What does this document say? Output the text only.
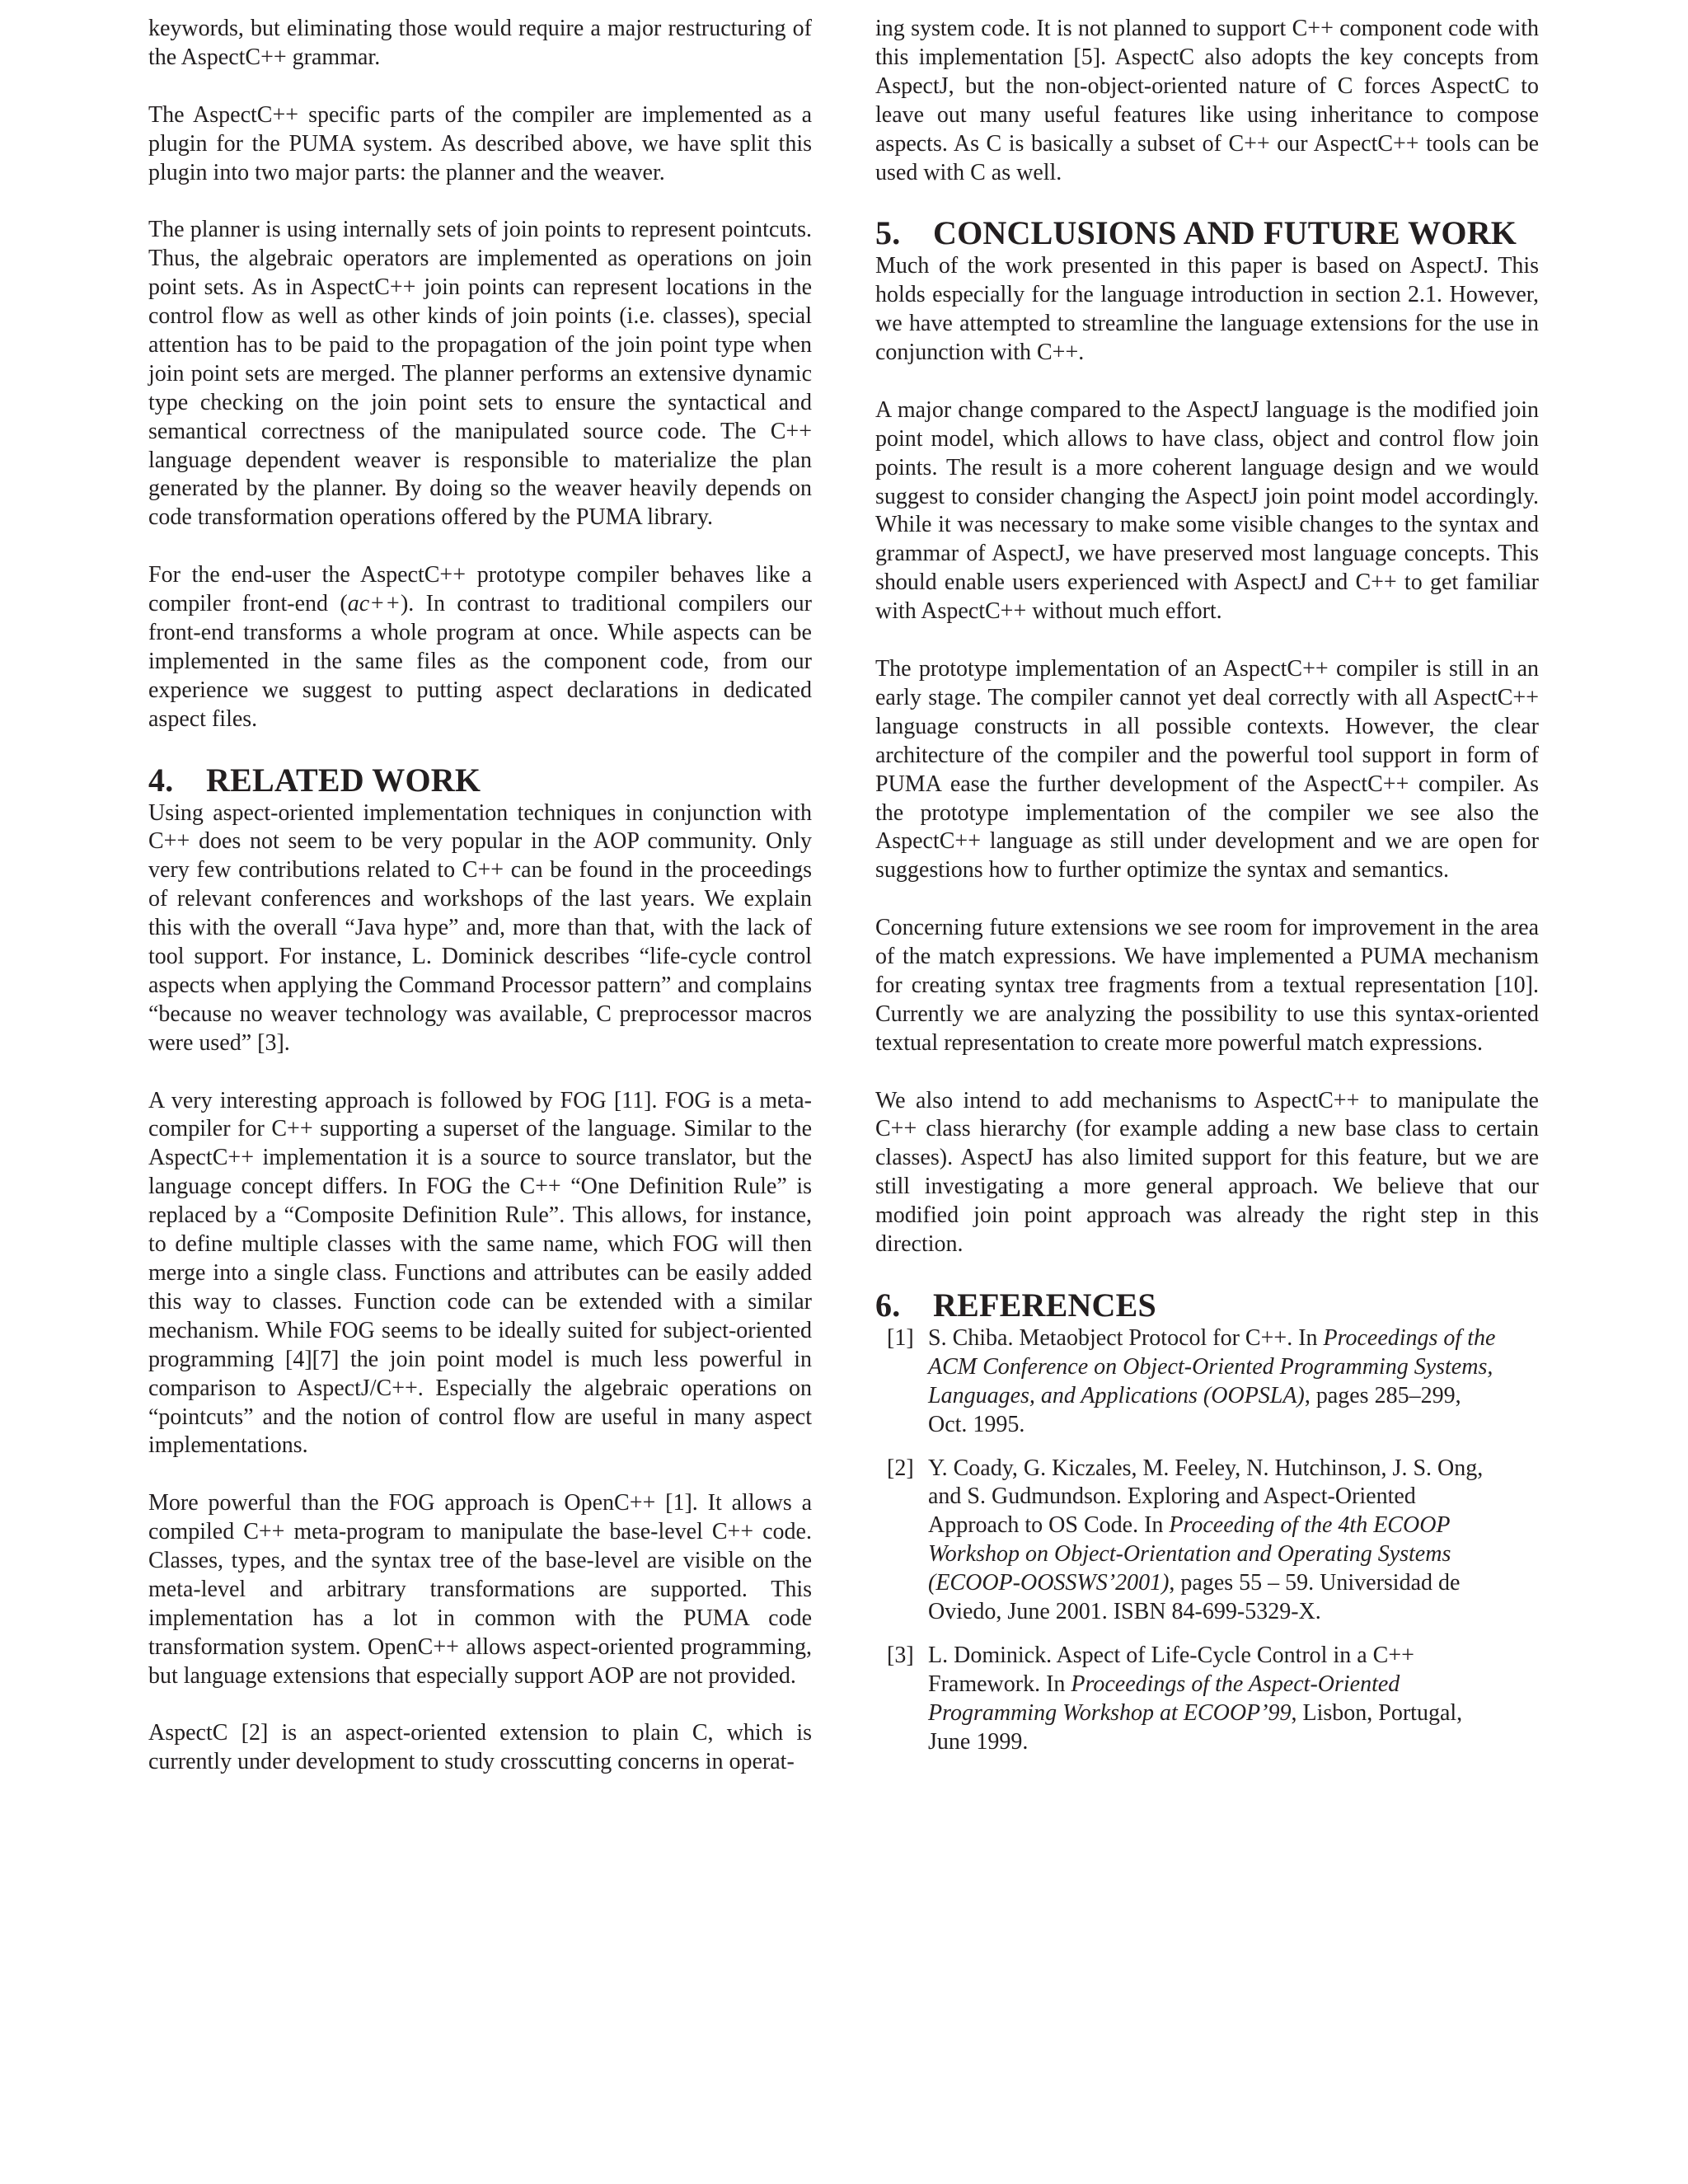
keywords, but eliminating those would require a major restructuring of the AspectC++ grammar.

The AspectC++ specific parts of the compiler are implemented as a plugin for the PUMA system. As described above, we have split this plugin into two major parts: the planner and the weaver.

The planner is using internally sets of join points to represent pointcuts. Thus, the algebraic operators are implemented as operations on join point sets. As in AspectC++ join points can represent locations in the control flow as well as other kinds of join points (i.e. classes), special attention has to be paid to the propagation of the join point type when join point sets are merged. The planner performs an extensive dynamic type checking on the join point sets to ensure the syntactical and semantical correctness of the manipulated source code. The C++ language dependent weaver is responsible to materialize the plan generated by the planner. By doing so the weaver heavily depends on code transformation operations offered by the PUMA library.

For the end-user the AspectC++ prototype compiler behaves like a compiler front-end (ac++). In contrast to traditional compilers our front-end transforms a whole program at once. While aspects can be implemented in the same files as the component code, from our experience we suggest to putting aspect declarations in dedicated aspect files.

4. RELATED WORK

Using aspect-oriented implementation techniques in conjunction with C++ does not seem to be very popular in the AOP community. Only very few contributions related to C++ can be found in the proceedings of relevant conferences and workshops of the last years. We explain this with the overall “Java hype” and, more than that, with the lack of tool support. For instance, L. Dominick describes “life-cycle control aspects when applying the Command Processor pattern” and complains “because no weaver technology was available, C preprocessor macros were used” [3].

A very interesting approach is followed by FOG [11]. FOG is a meta-compiler for C++ supporting a superset of the language. Similar to the AspectC++ implementation it is a source to source translator, but the language concept differs. In FOG the C++ “One Definition Rule” is replaced by a “Composite Definition Rule”. This allows, for instance, to define multiple classes with the same name, which FOG will then merge into a single class. Functions and attributes can be easily added this way to classes. Function code can be extended with a similar mechanism. While FOG seems to be ideally suited for subject-oriented programming [4][7] the join point model is much less powerful in comparison to AspectJ/C++. Especially the algebraic operations on “pointcuts” and the notion of control flow are useful in many aspect implementations.

More powerful than the FOG approach is OpenC++ [1]. It allows a compiled C++ meta-program to manipulate the base-level C++ code. Classes, types, and the syntax tree of the base-level are visible on the meta-level and arbitrary transformations are supported. This implementation has a lot in common with the PUMA code transformation system. OpenC++ allows aspect-oriented programming, but language extensions that especially support AOP are not provided.

AspectC [2] is an aspect-oriented extension to plain C, which is currently under development to study crosscutting concerns in operat-

ing system code. It is not planned to support C++ component code with this implementation [5]. AspectC also adopts the key concepts from AspectJ, but the non-object-oriented nature of C forces AspectC to leave out many useful features like using inheritance to compose aspects. As C is basically a subset of C++ our AspectC++ tools can be used with C as well.

5. CONCLUSIONS AND FUTURE WORK

Much of the work presented in this paper is based on AspectJ. This holds especially for the language introduction in section 2.1. However, we have attempted to streamline the language extensions for the use in conjunction with C++.

A major change compared to the AspectJ language is the modified join point model, which allows to have class, object and control flow join points. The result is a more coherent language design and we would suggest to consider changing the AspectJ join point model accordingly. While it was necessary to make some visible changes to the syntax and grammar of AspectJ, we have preserved most language concepts. This should enable users experienced with AspectJ and C++ to get familiar with AspectC++ without much effort.

The prototype implementation of an AspectC++ compiler is still in an early stage. The compiler cannot yet deal correctly with all AspectC++ language constructs in all possible contexts. However, the clear architecture of the compiler and the powerful tool support in form of PUMA ease the further development of the AspectC++ compiler. As the prototype implementation of the compiler we see also the AspectC++ language as still under development and we are open for suggestions how to further optimize the syntax and semantics.

Concerning future extensions we see room for improvement in the area of the match expressions. We have implemented a PUMA mechanism for creating syntax tree fragments from a textual representation [10]. Currently we are analyzing the possibility to use this syntax-oriented textual representation to create more powerful match expressions.

We also intend to add mechanisms to AspectC++ to manipulate the C++ class hierarchy (for example adding a new base class to certain classes). AspectJ has also limited support for this feature, but we are still investigating a more general approach. We believe that our modified join point approach was already the right step in this direction.

6. REFERENCES
[1] S. Chiba. Metaobject Protocol for C++. In Proceedings of the ACM Conference on Object-Oriented Programming Systems, Languages, and Applications (OOPSLA), pages 285–299, Oct. 1995.
[2] Y. Coady, G. Kiczales, M. Feeley, N. Hutchinson, J. S. Ong, and S. Gudmundson. Exploring and Aspect-Oriented Approach to OS Code. In Proceeding of the 4th ECOOP Workshop on Object-Orientation and Operating Systems (ECOOP-OOSSWS’2001), pages 55 – 59. Universidad de Oviedo, June 2001. ISBN 84-699-5329-X.
[3] L. Dominick. Aspect of Life-Cycle Control in a C++ Framework. In Proceedings of the Aspect-Oriented Programming Workshop at ECOOP’99, Lisbon, Portugal, June 1999.
